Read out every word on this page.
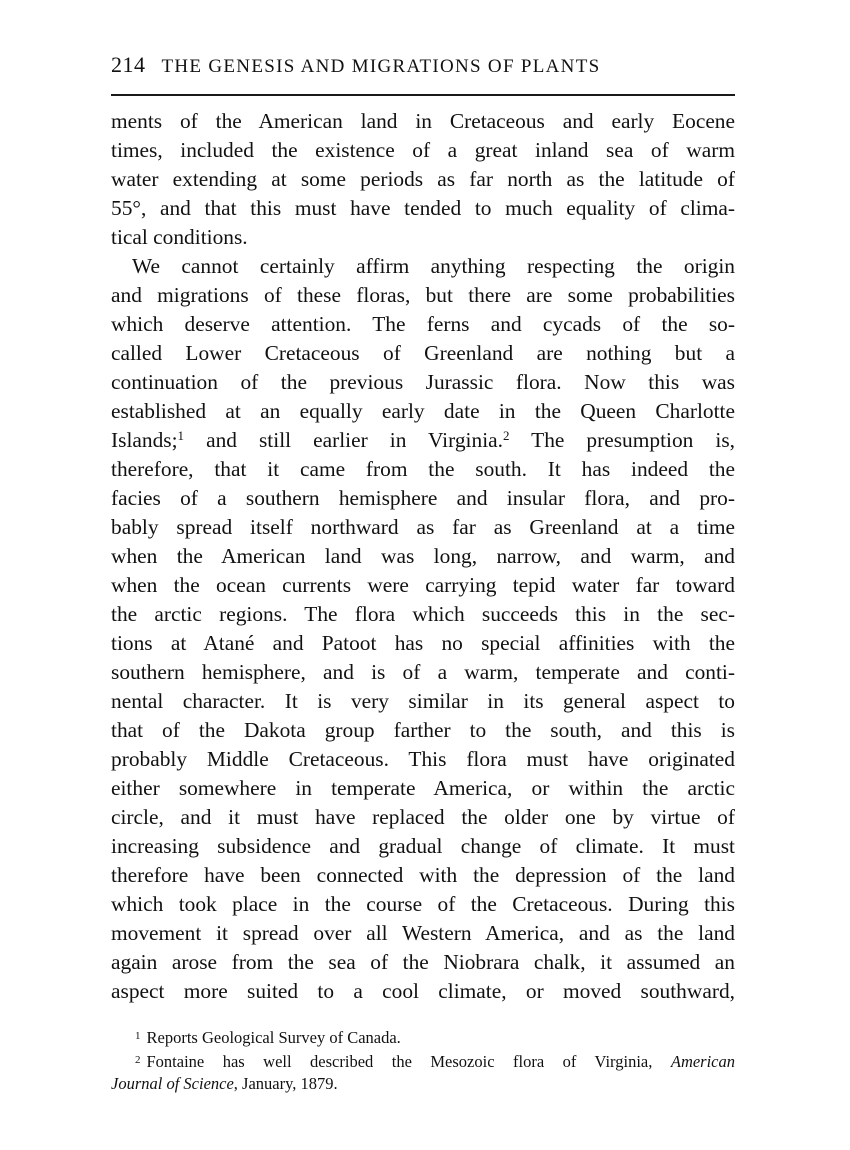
214 THE GENESIS AND MIGRATIONS OF PLANTS
ments of the American land in Cretaceous and early Eocene
times, included the existence of a great inland sea of warm
water extending at some periods as far north as the latitude of
55°, and that this must have tended to much equality of clima-
tical conditions.
We cannot certainly affirm anything respecting the origin
and migrations of these floras, but there are some probabilities
which deserve attention. The ferns and cycads of the so-
called Lower Cretaceous of Greenland are nothing but a
continuation of the previous Jurassic flora. Now this was
established at an equally early date in the Queen Charlotte
Islands;$^1$ and still earlier in Virginia.$^2$ The presumption is,
therefore, that it came from the south. It has indeed the
facies of a southern hemisphere and insular flora, and pro-
bably spread itself northward as far as Greenland at a time
when the American land was long, narrow, and warm, and
when the ocean currents were carrying tepid water far toward
the arctic regions. The flora which succeeds this in the sec-
tions at Atané and Patoot has no special affinities with the
southern hemisphere, and is of a warm, temperate and conti-
nental character. It is very similar in its general aspect to
that of the Dakota group farther to the south, and this is
probably Middle Cretaceous. This flora must have originated
either somewhere in temperate America, or within the arctic
circle, and it must have replaced the older one by virtue of
increasing subsidence and gradual change of climate. It must
therefore have been connected with the depression of the land
which took place in the course of the Cretaceous. During this
movement it spread over all Western America, and as the land
again arose from the sea of the Niobrara chalk, it assumed an
aspect more suited to a cool climate, or moved southward,
$^1$ Reports Geological Survey of Canada.
$^2$ Fontaine has well described the Mesozoic flora of Virginia, American
Journal of Science, January, 1879.
